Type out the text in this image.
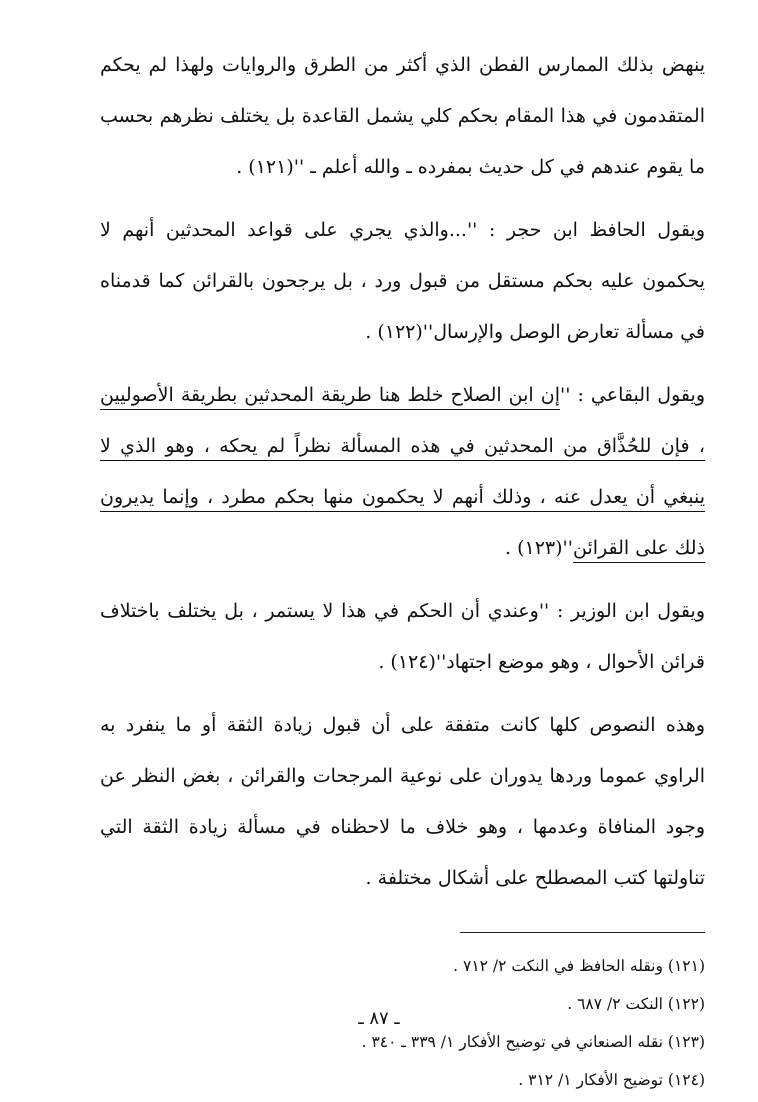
ينهض بذلك الممارس الفطن الذي أكثر من الطرق والروايات ولهذا لم يحكم المتقدمون في هذا المقام بحكم كلي يشمل القاعدة بل يختلف نظرهم بحسب ما يقوم عندهم في كل حديث بمفرده ـ والله أعلم ـ ''(١٢١) .

ويقول الحافظ ابن حجر : ''...والذي يجري على قواعد المحدثين أنهم لا يحكمون عليه بحكم مستقل من قبول ورد ، بل يرجحون بالقرائن كما قدمناه في مسألة تعارض الوصل والإرسال''(١٢٢) .

ويقول البقاعي : ''إن ابن الصلاح خلط هنا طريقة المحدثين بطريقة الأصوليين ، فإن للحُذَّاق من المحدثين في هذه المسألة نظراً لم يحكه ، وهو الذي لا ينبغي أن يعدل عنه ، وذلك أنهم لا يحكمون منها بحكم مطرد ، وإنما يديرون ذلك على القرائن''(١٢٣) .

ويقول ابن الوزير : ''وعندي أن الحكم في هذا لا يستمر ، بل يختلف باختلاف قرائن الأحوال ، وهو موضع اجتهاد''(١٢٤) .

وهذه النصوص كلها كانت متفقة على أن قبول زيادة الثقة أو ما ينفرد به الراوي عموما وردها يدوران على نوعية المرجحات والقرائن ، بغض النظر عن وجود المنافاة وعدمها ، وهو خلاف ما لاحظناه في مسألة زيادة الثقة التي تناولتها كتب المصطلح على أشكال مختلفة .

(١٢١) ونقله الحافظ في النكت ٢/ ٧١٢ .

(١٢٢) النكت ٢/ ٦٨٧ .

(١٢٣) نقله الصنعاني في توضيح الأفكار ١/ ٣٣٩ ـ ٣٤٠ .

(١٢٤) توضيح الأفكار ١/ ٣١٢ .

ـ ٨٧ ـ
